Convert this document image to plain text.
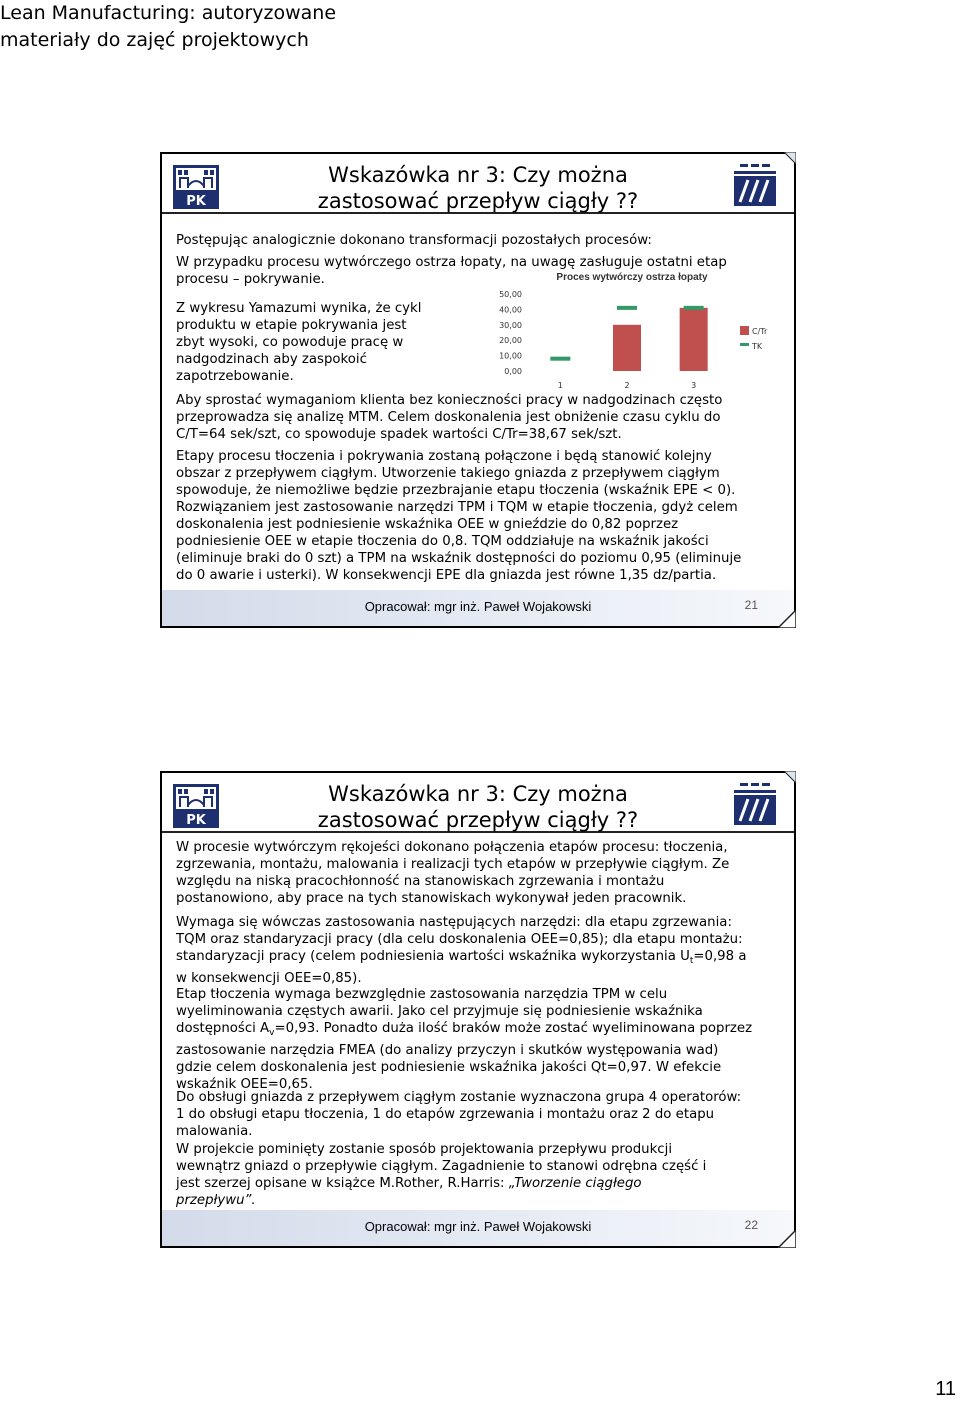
Lean Manufacturing: autoryzowane
materiały do zajęć projektowych
PK
Wskazówka nr 3: Czy można
zastosować przepływ ciągły ??
Postępując analogicznie dokonano transformacji pozostałych procesów:
W przypadku procesu wytwórczego ostrza łopaty, na uwagę zasługuje ostatni etap
procesu – pokrywanie.
Z wykresu Yamazumi wynika, że cykl
produktu w etapie pokrywania jest
zbyt wysoki, co powoduje pracę w
nadgodzinach aby zaspokoić
zapotrzebowanie.
Proces wytwórczy ostrza łopaty
0,00
10,00
20,00
30,00
40,00
50,00
1	2	3
C/Tr
TK
Aby sprostać wymaganiom klienta bez konieczności pracy w nadgodzinach często
przeprowadza się analizę MTM. Celem doskonalenia jest obniżenie czasu cyklu do
C/T=64 sek/szt, co spowoduje spadek wartości C/Tr=38,67 sek/szt.
Etapy procesu tłoczenia i pokrywania zostaną połączone i będą stanowić kolejny
obszar z przepływem ciągłym. Utworzenie takiego gniazda z przepływem ciągłym
spowoduje, że niemożliwe będzie przezbrajanie etapu tłoczenia (wskaźnik EPE < 0).
Rozwiązaniem jest zastosowanie narzędzi TPM i TQM w etapie tłoczenia, gdyż celem
doskonalenia jest podniesienie wskaźnika OEE w gnieździe do 0,82 poprzez
podniesienie OEE w etapie tłoczenia do 0,8. TQM oddziałuje na wskaźnik jakości
(eliminuje braki do 0 szt) a TPM na wskaźnik dostępności do poziomu 0,95 (eliminuje
do 0 awarie i usterki). W konsekwencji EPE dla gniazda jest równe 1,35 dz/partia.
Opracował: mgr inż. Paweł Wojakowski	21
PK
Wskazówka nr 3: Czy można
zastosować przepływ ciągły ??
W procesie wytwórczym rękojeści dokonano połączenia etapów procesu: tłoczenia,
zgrzewania, montażu, malowania i realizacji tych etapów w przepływie ciągłym. Ze
względu na niską pracochłonność na stanowiskach zgrzewania i montażu
postanowiono, aby prace na tych stanowiskach wykonywał jeden pracownik.
Wymaga się wówczas zastosowania następujących narzędzi: dla etapu zgrzewania:
TQM oraz standaryzacji pracy (dla celu doskonalenia OEE=0,85); dla etapu montażu:
standaryzacji pracy (celem podniesienia wartości wskaźnika wykorzystania $U_t=0,98$ a
w konsekwencji OEE=0,85).
Etap tłoczenia wymaga bezwzględnie zastosowania narzędzia TPM w celu
wyeliminowania częstych awarii. Jako cel przyjmuje się podniesienie wskaźnika
dostępności $A_v=0,93$. Ponadto duża ilość braków może zostać wyeliminowana poprzez
zastosowanie narzędzia FMEA (do analizy przyczyn i skutków występowania wad)
gdzie celem doskonalenia jest podniesienie wskaźnika jakości Qt=0,97. W efekcie
wskaźnik OEE=0,65.
Do obsługi gniazda z przepływem ciągłym zostanie wyznaczona grupa 4 operatorów:
1 do obsługi etapu tłoczenia, 1 do etapów zgrzewania i montażu oraz 2 do etapu
malowania.
W projekcie pominięty zostanie sposób projektowania przepływu produkcji
wewnątrz gniazd o przepływie ciągłym. Zagadnienie to stanowi odrębna część i
jest szerzej opisane w książce M.Rother, R.Harris: „Tworzenie ciągłego
przepływu”.
Opracował: mgr inż. Paweł Wojakowski	22
11
